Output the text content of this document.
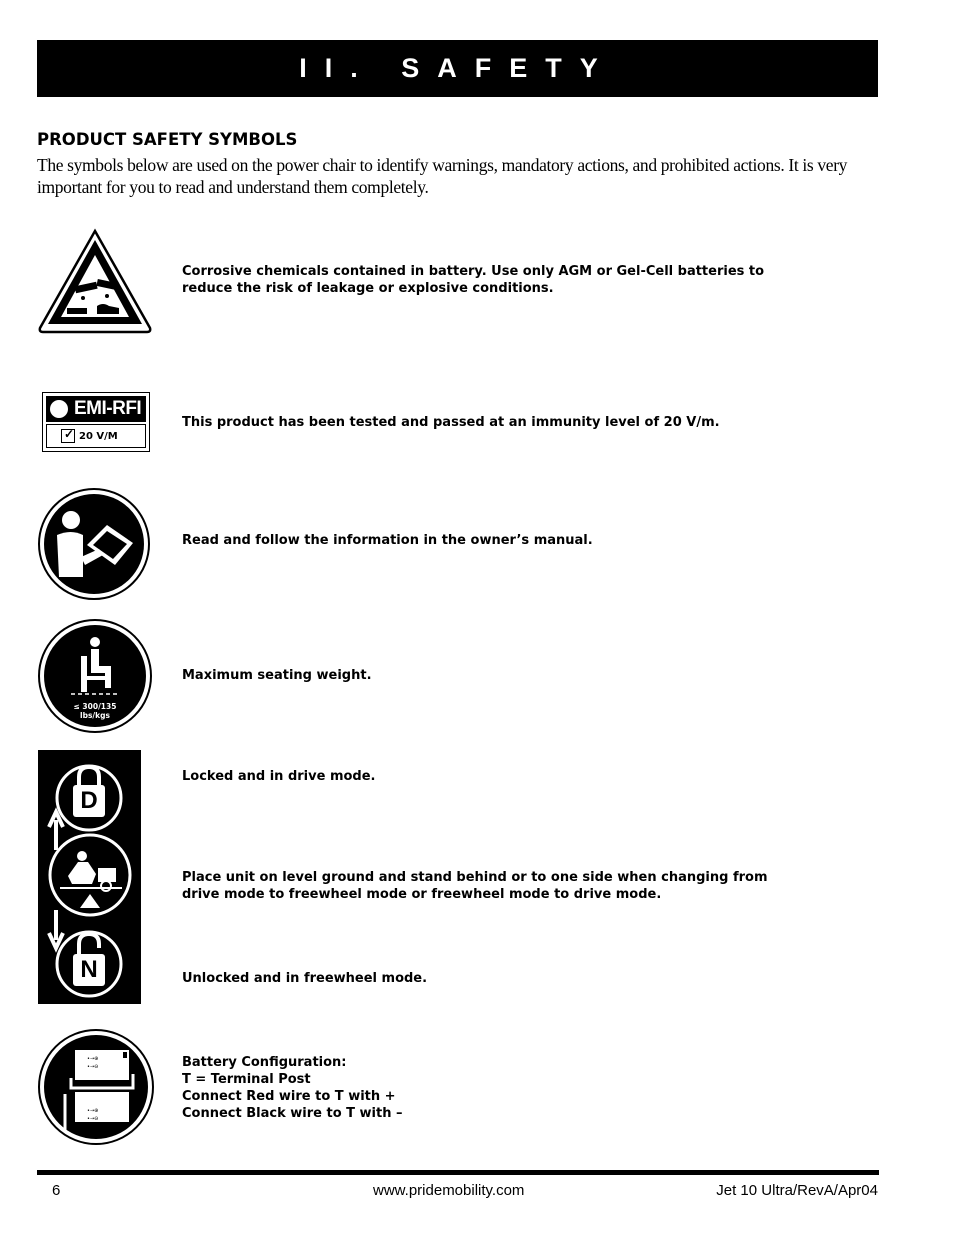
II. SAFETY
PRODUCT SAFETY SYMBOLS
The symbols below are used on the power chair to identify warnings, mandatory actions, and prohibited actions. It is very important for you to read and understand them completely.
Corrosive chemicals contained in battery. Use only AGM or Gel-Cell batteries to
reduce the risk of leakage or explosive conditions.
EMI-RFI
✓ 20 V/M
This product has been tested and passed at an immunity level of 20 V/m.
Read and follow the information in the owner’s manual.
≤ 300/135
lbs/kgs
Maximum seating weight.
D
N
Locked and in drive mode.
Place unit on level ground and stand behind or to one side when changing from
drive mode to freewheel mode or freewheel mode to drive mode.
Unlocked and in freewheel mode.
•→⊕
•→⊖
•→⊕
•→⊖
Battery Configuration:
T = Terminal Post
Connect Red wire to T with +
Connect Black wire to T with –
6	www.pridemobility.com	Jet 10 Ultra/RevA/Apr04
